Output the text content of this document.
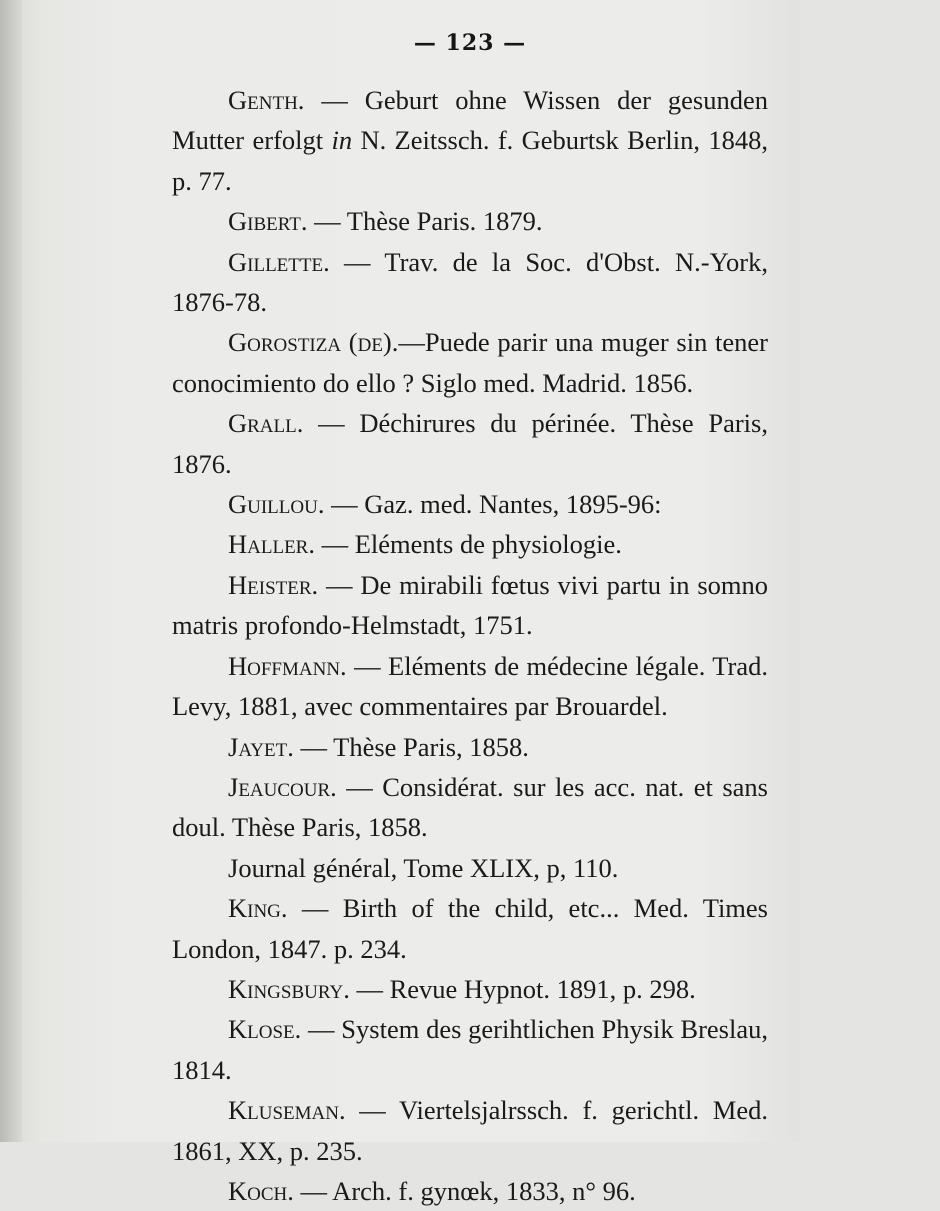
— 123 —

Genth. — Geburt ohne Wissen der gesunden Mutter erfolgt in N. Zeitssch. f. Geburtsk Berlin, 1848, p. 77.

Gibert. — Thèse Paris. 1879.

Gillette. — Trav. de la Soc. d'Obst. N.-York, 1876-78.

Gorostiza (de).—Puede parir una muger sin tener conocimiento do ello ? Siglo med. Madrid. 1856.

Grall. — Déchirures du périnée. Thèse Paris, 1876.

Guillou. — Gaz. med. Nantes, 1895-96:

Haller. — Eléments de physiologie.

Heister. — De mirabili fœtus vivi partu in somno matris profondo-Helmstadt, 1751.

Hoffmann. — Eléments de médecine légale. Trad. Levy, 1881, avec commentaires par Brouardel.

Jayet. — Thèse Paris, 1858.

Jeaucour. — Considérat. sur les acc. nat. et sans doul. Thèse Paris, 1858.

Journal général, Tome XLIX, p, 110.

King. — Birth of the child, etc... Med. Times London, 1847. p. 234.

Kingsbury. — Revue Hypnot. 1891, p. 298.

Klose. — System des gerihtlichen Physik Breslau, 1814.

Kluseman. — Viertelsjalrssch. f. gerichtl. Med. 1861, XX, p. 235.

Koch. — Arch. f. gynœk, 1833, n° 96.
